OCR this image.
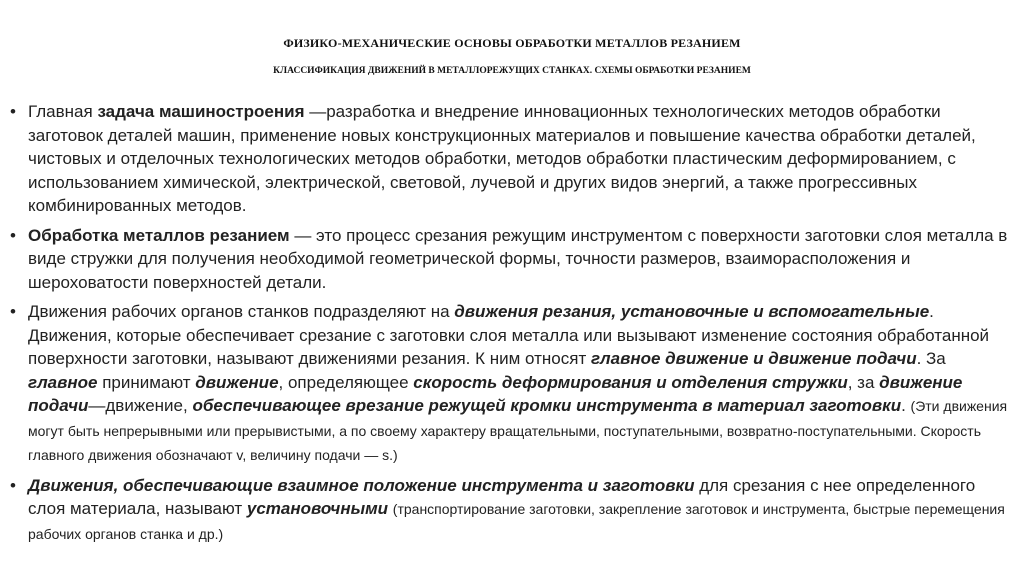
ФИЗИКО-МЕХАНИЧЕСКИЕ ОСНОВЫ ОБРАБОТКИ МЕТАЛЛОВ РЕЗАНИЕМ
КЛАССИФИКАЦИЯ ДВИЖЕНИЙ В МЕТАЛЛОРЕЖУЩИХ СТАНКАХ. СХЕМЫ ОБРАБОТКИ РЕЗАНИЕМ
• Главная задача машиностроения —разработка и внедрение инновационных технологических методов обработки заготовок деталей машин, применение новых конструкционных материалов и повышение качества обработки деталей, чистовых и отделочных технологических методов обработки, методов обработки пластическим деформированием, с использованием химической, электрической, световой, лучевой и других видов энергий, а также прогрессивных комбинированных методов.
• Обработка металлов резанием — это процесс срезания режущим инструментом с поверхности заготовки слоя металла в виде стружки для получения необходимой геометрической формы, точности размеров, взаиморасположения и шероховатости поверхностей детали.
• Движения рабочих органов станков подразделяют на движения резания, установочные и вспомогательные. Движения, которые обеспечивает срезание с заготовки слоя металла или вызывают изменение состояния обработанной поверхности заготовки, называют движениями резания. К ним относят главное движение и движение подачи. За главное принимают движение, определяющее скорость деформирования и отделения стружки, за движение подачи—движение, обеспечивающее врезание режущей кромки инструмента в материал заготовки. (Эти движения могут быть непрерывными или прерывистыми, а по своему характеру вращательными, поступательными, возвратно-поступательными. Скорость главного движения обозначают v, величину подачи — s.)
• Движения, обеспечивающие взаимное положение инструмента и заготовки для срезания с нее определенного слоя материала, называют установочными (транспортирование заготовки, закрепление заготовок и инструмента, быстрые перемещения рабочих органов станка и др.)
